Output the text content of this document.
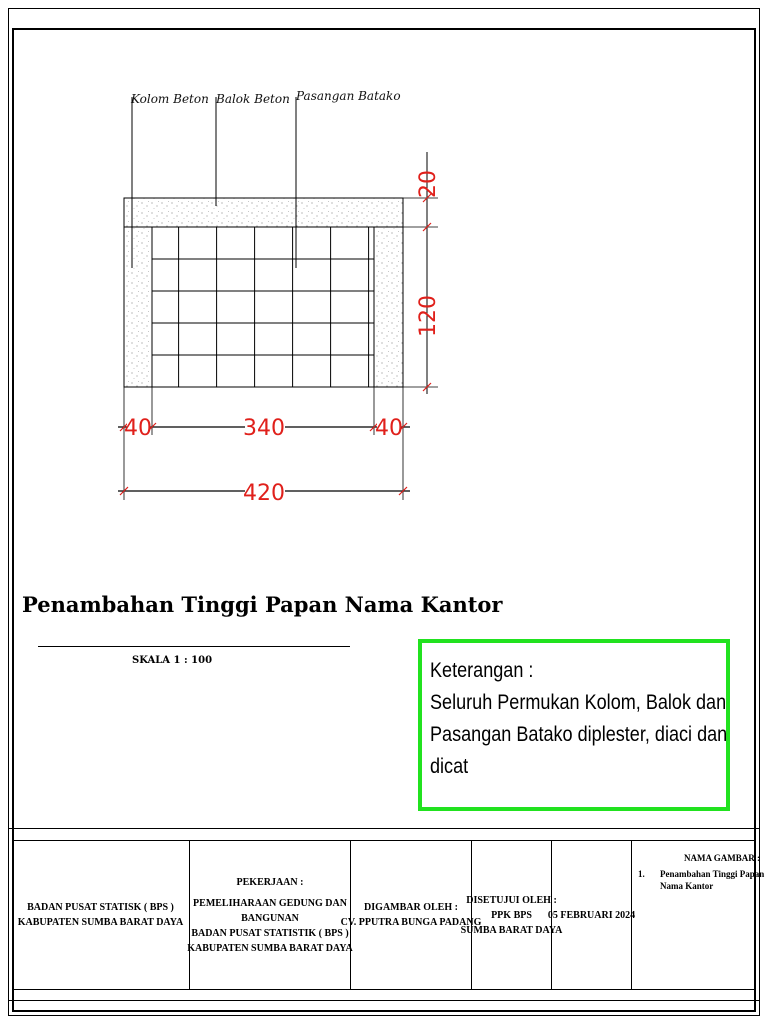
Kolom Beton Balok Beton Pasangan Batako
20
120
40	340	40
420
Penambahan Tinggi Papan Nama Kantor
SKALA 1 : 100	Keterangan :
Seluruh Permukan Kolom, Balok dan
Pasangan Batako diplester, diaci dan
dicat
BADAN PUSAT STATISK ( BPS )
KABUPATEN SUMBA BARAT DAYA
PEKERJAAN :
PEMELIHARAAN GEDUNG DAN
BANGUNAN
BADAN PUSAT STATISTIK ( BPS )
KABUPATEN SUMBA BARAT DAYA
DIGAMBAR OLEH :
CV. PPUTRA BUNGA PADANG
DISETUJUI OLEH :
PPK BPS
SUMBA BARAT DAYA
05 FEBRUARI 2024
NAMA GAMBAR :
1. Penambahan Tinggi Papan
Nama Kantor
